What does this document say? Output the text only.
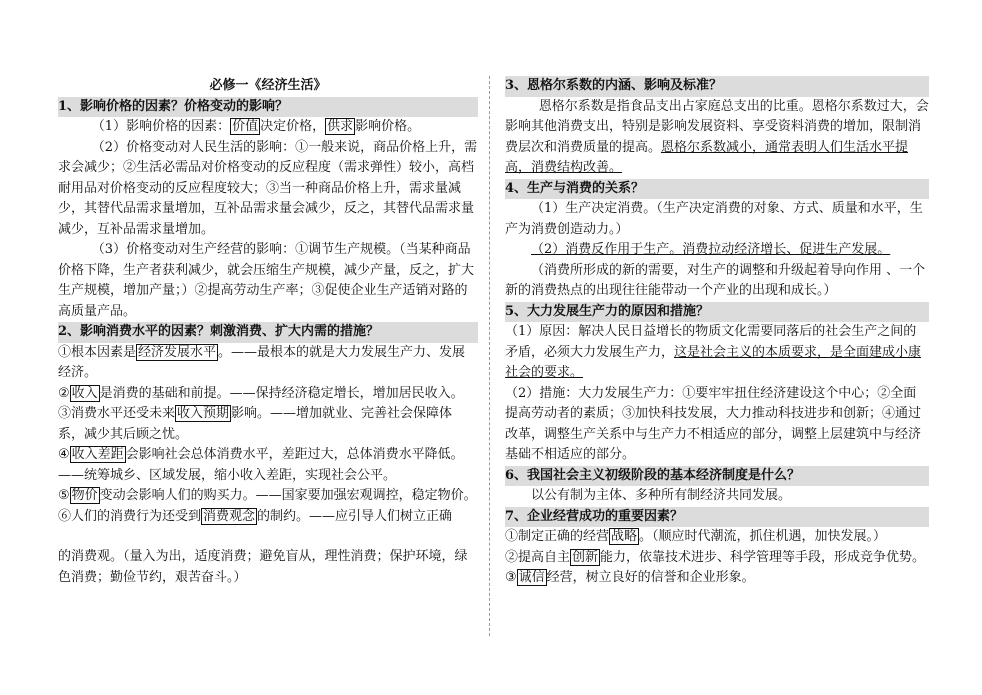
必修一《经济生活》

1、影响价格的因素？价格变动的影响？

（1）影响价格的因素： 价值 决定价格， 供求 影响价格。

（2）价格变动对人民生活的影响：①一般来说，商品价格上升，需求会减少；②生活必需品对价格变动的反应程度（需求弹性）较小，高档耐用品对价格变动的反应程度较大；③当一种商品价格上升，需求量减少，其替代品需求量增加，互补品需求量会减少，反之，其替代品需求量减少，互补品需求量增加。

（3）价格变动对生产经营的影响：①调节生产规模。（当某种商品价格下降，生产者获利减少，就会压缩生产规模，减少产量，反之，扩大生产规模，增加产量；）②提高劳动生产率；③促使企业生产适销对路的高质量产品。

2、影响消费水平的因素？刺激消费、扩大内需的措施？

①根本因素是 经济发展水平 。——最根本的就是大力发展生产力、发展经济。

② 收入 是消费的基础和前提。——保持经济稳定增长，增加居民收入。

③消费水平还受未来 收入预期 影响。——增加就业、完善社会保障体系，减少其后顾之忧。

④ 收入差距 会影响社会总体消费水平，差距过大，总体消费水平降低。——统筹城乡、区域发展，缩小收入差距，实现社会公平。

⑤ 物价 变动会影响人们的购买力。——国家要加强宏观调控，稳定物价。

⑥人们的消费行为还受到 消费观念 的制约。——应引导人们树立正确

的消费观。（量入为出，适度消费；避免盲从，理性消费；保护环境，绿色消费；勤俭节约，艰苦奋斗。）

3、恩格尔系数的内涵、影响及标准？

恩格尔系数是指食品支出占家庭总支出的比重。恩格尔系数过大，会影响其他消费支出，特别是影响发展资料、享受资料消费的增加，限制消费层次和消费质量的提高。恩格尔系数减小，通常表明人们生活水平提高，消费结构改善。

4、生产与消费的关系？

（1）生产决定消费。（生产决定消费的对象、方式、质量和水平，生产为消费创造动力。）

（2）消费反作用于生产。消费拉动经济增长、促进生产发展。

（消费所形成的新的需要，对生产的调整和升级起着导向作用 、一个新的消费热点的出现往往能带动一个产业的出现和成长。）

5、大力发展生产力的原因和措施？

（1）原因：解决人民日益增长的物质文化需要同落后的社会生产之间的矛盾，必须大力发展生产力，这是社会主义的本质要求，是全面建成小康社会的要求。

（2）措施：大力发展生产力：①要牢牢扭住经济建设这个中心；②全面提高劳动者的素质；③加快科技发展，大力推动科技进步和创新；④通过改革，调整生产关系中与生产力不相适应的部分，调整上层建筑中与经济基础不相适应的部分。

6、我国社会主义初级阶段的基本经济制度是什么？

以公有制为主体、多种所有制经济共同发展。

7、企业经营成功的重要因素？

①制定正确的经营 战略 。（顺应时代潮流，抓住机遇，加快发展。）

②提高自主 创新 能力，依靠技术进步、科学管理等手段，形成竞争优势。

③ 诚信 经营，树立良好的信誉和企业形象。
